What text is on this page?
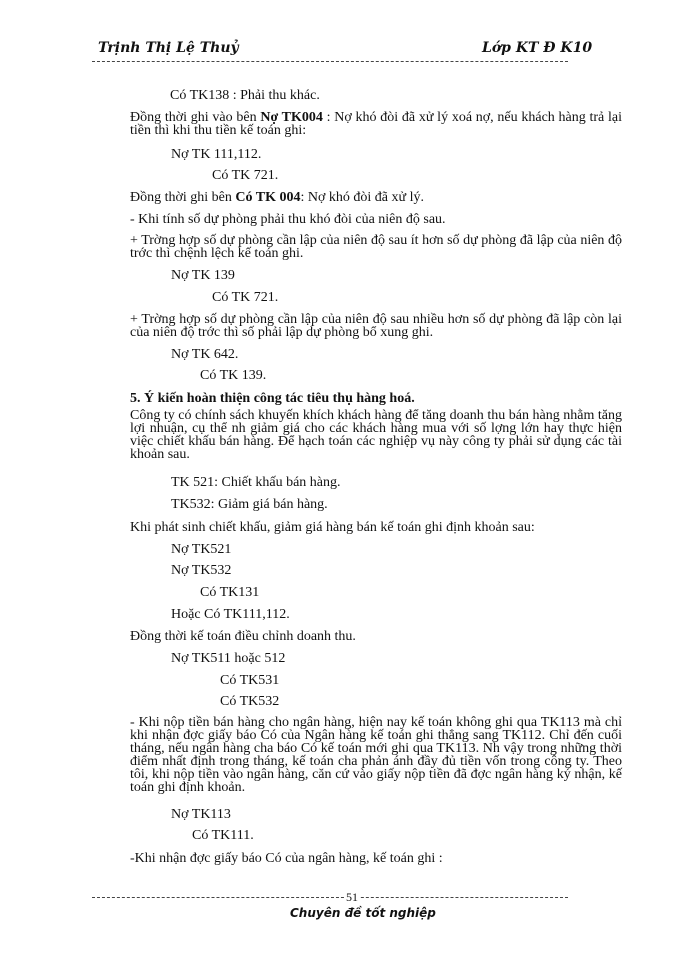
Trịnh Thị Lệ Thuỷ	Lớp KT Đ K10
Có TK138 : Phải thu khác.
Đồng thời ghi vào bên Nợ TK004 : Nợ khó đòi đã xử lý xoá nợ, nếu khách hàng trả lại tiền thì khi thu tiền kế toán ghi:
Nợ TK 111,112.
Có TK 721.
Đồng thời ghi bên Có TK 004: Nợ khó đòi đã xử lý.
- Khi tính số dự phòng phải thu khó đòi của niên độ sau.
+ Trờng hợp số dự phòng cần lập của niên độ sau ít hơn số dự phòng đã lập của niên độ trớc thì chệnh lệch kế toán ghi.
Nợ TK 139
Có TK 721.
+ Trờng hợp số dự phòng cần lập của niên độ sau nhiều hơn số dự phòng đã lập còn lại của niên độ trớc thì số phải lập dự phòng bổ xung ghi.
Nợ TK 642.
Có TK 139.
5. Ý kiến hoàn thiện công tác tiêu thụ hàng hoá.
Công ty có chính sách khuyến khích khách hàng để tăng doanh thu bán hàng nhằm tăng lợi nhuận, cụ thể nh giảm giá cho các khách hàng mua với số lợng lớn hay thực hiện việc chiết khấu bán hàng. Để hạch toán các nghiệp vụ này công ty phải sử dụng các tài khoản sau.
TK 521: Chiết khấu bán hàng.
TK532: Giảm giá bán hàng.
Khi phát sinh chiết khấu, giảm giá hàng bán kế toán ghi định khoản sau:
Nợ TK521
Nợ TK532
Có TK131
Hoặc Có TK111,112.
Đồng thời kế toán điều chỉnh doanh thu.
Nợ TK511 hoặc 512
Có TK531
Có TK532
- Khi nộp tiền bán hàng cho ngân hàng, hiện nay kế toán không ghi qua TK113 mà chỉ khi nhận đợc giấy báo Có của Ngân hàng kế toán ghi thẳng sang TK112. Chỉ đến cuối tháng, nếu ngân hàng cha báo Có kế toán mới ghi qua TK113. Nh vậy trong những thời điểm nhất định trong tháng, kế toán cha phản ánh đầy đủ tiền vốn trong công ty. Theo tôi, khi nộp tiền vào ngân hàng, căn cứ vào giấy nộp tiền đã đợc ngân hàng ký nhận, kế toán ghi định khoản.
Nợ TK113
Có TK111.
-Khi nhận đợc giấy báo Có của ngân hàng, kế toán ghi :
51
Chuyên đề tốt nghiệp
